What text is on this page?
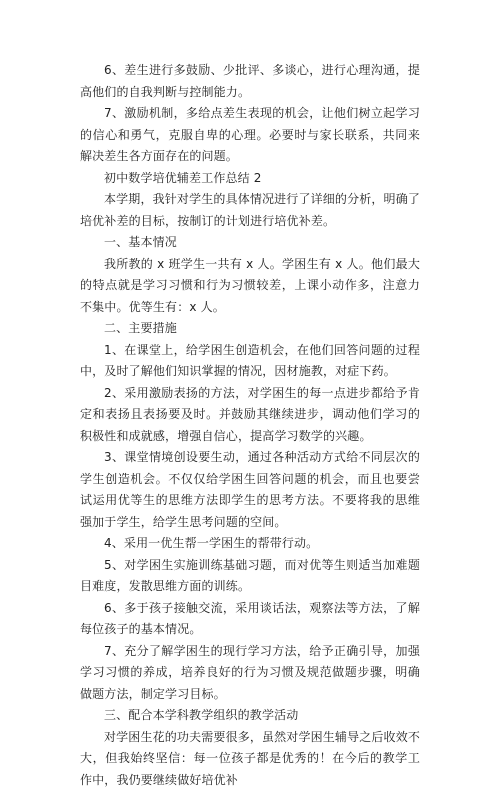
6、差生进行多鼓励、少批评、多谈心，进行心理沟通，提高他们的自我判断与控制能力。

7、激励机制，多给点差生表现的机会，让他们树立起学习的信心和勇气，克服自卑的心理。必要时与家长联系，共同来解决差生各方面存在的问题。

初中数学培优辅差工作总结 2

本学期，我针对学生的具体情况进行了详细的分析，明确了培优补差的目标，按制订的计划进行培优补差。

一、基本情况

我所教的 x 班学生一共有 x 人。学困生有 x 人。他们最大的特点就是学习习惯和行为习惯较差，上课小动作多，注意力不集中。优等生有：x 人。

二、主要措施

1、在课堂上，给学困生创造机会，在他们回答问题的过程中，及时了解他们知识掌握的情况，因材施教，对症下药。

2、采用激励表扬的方法，对学困生的每一点进步都给予肯定和表扬且表扬要及时。并鼓励其继续进步，调动他们学习的积极性和成就感，增强自信心，提高学习数学的兴趣。

3、课堂情境创设要生动，通过各种活动方式给不同层次的学生创造机会。不仅仅给学困生回答问题的机会，而且也要尝试运用优等生的思维方法即学生的思考方法。不要将我的思维强加于学生，给学生思考问题的空间。

4、采用一优生帮一学困生的帮带行动。

5、对学困生实施训练基础习题，而对优等生则适当加难题目难度，发散思维方面的训练。

6、多于孩子接触交流，采用谈话法，观察法等方法，了解每位孩子的基本情况。

7、充分了解学困生的现行学习方法，给予正确引导，加强学习习惯的养成，培养良好的行为习惯及规范做题步骤，明确做题方法，制定学习目标。

三、配合本学科教学组织的教学活动

对学困生花的功夫需要很多，虽然对学困生辅导之后收效不大，但我始终坚信：每一位孩子都是优秀的！在今后的教学工作中，我仍要继续做好培优补
